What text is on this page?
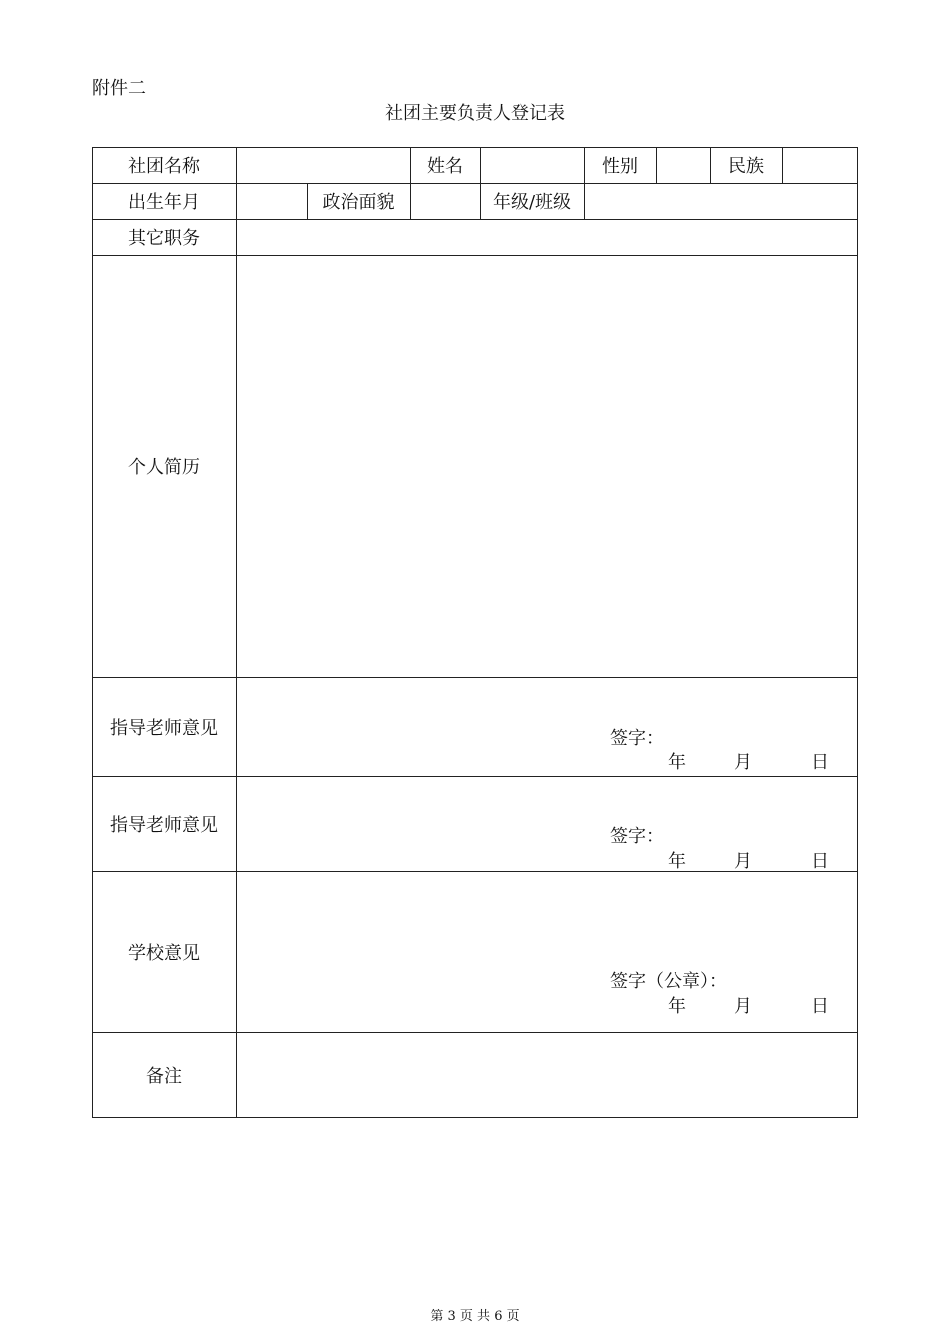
附件二
社团主要负责人登记表
社团名称	姓名	性别	民族
出生年月	政治面貌	年级/班级
其它职务
个人简历
指导老师意见	签字：
年	月	日
指导老师意见
签字：
年	月	日
学校意见
签字（公章）：
年	月	日
备注
第 3 页 共 6 页
